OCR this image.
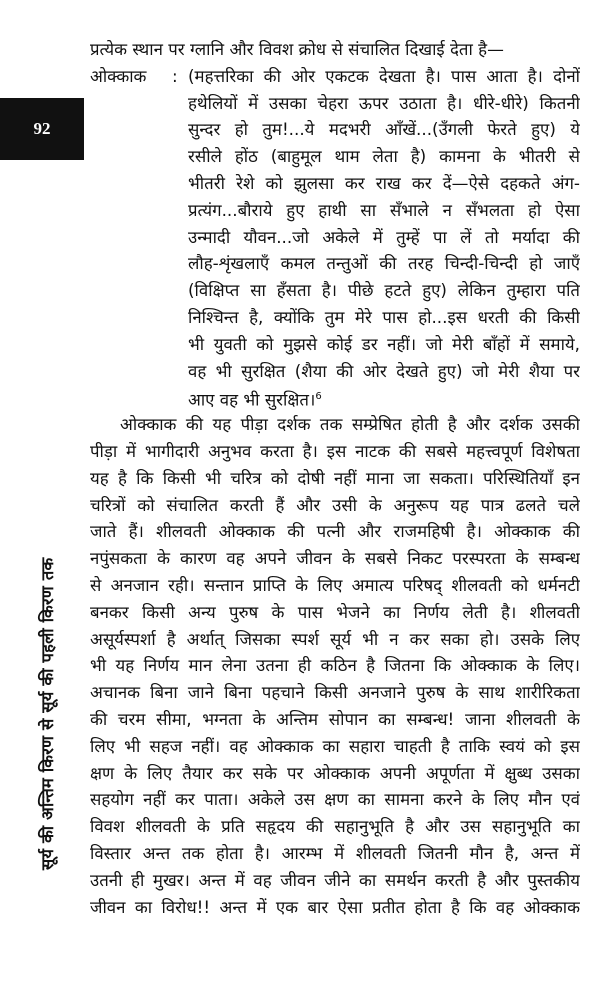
92
सूर्य की अन्तिम किरण से सूर्य की पहली किरण तक
प्रत्येक स्थान पर ग्लानि और विवश क्रोध से संचालित दिखाई देता है—
ओक्काक	: (महत्तरिका की ओर एकटक देखता है। पास आता है। दोनों
हथेलियों में उसका चेहरा ऊपर उठाता है। धीरे-धीरे) कितनी
सुन्दर हो तुम!...ये मदभरी आँखें...(उँगली फेरते हुए) ये
रसीले होंठ (बाहुमूल थाम लेता है) कामना के भीतरी से
भीतरी रेशे को झुलसा कर राख कर दें—ऐसे दहकते अंग-
प्रत्यंग...बौराये हुए हाथी सा सँभाले न सँभलता हो ऐसा
उन्मादी यौवन...जो अकेले में तुम्हें पा लें तो मर्यादा की
लौह-शृंखलाएँ कमल तन्तुओं की तरह चिन्दी-चिन्दी हो जाएँ
(विक्षिप्त सा हँसता है। पीछे हटते हुए) लेकिन तुम्हारा पति
निश्चिन्त है, क्योंकि तुम मेरे पास हो...इस धरती की किसी
भी युवती को मुझसे कोई डर नहीं। जो मेरी बाँहों में समाये,
वह भी सुरक्षित (शैया की ओर देखते हुए) जो मेरी शैया पर
आए वह भी सुरक्षित।$^6$
ओक्काक की यह पीड़ा दर्शक तक सम्प्रेषित होती है और दर्शक उसकी
पीड़ा में भागीदारी अनुभव करता है। इस नाटक की सबसे महत्त्वपूर्ण विशेषता
यह है कि किसी भी चरित्र को दोषी नहीं माना जा सकता। परिस्थितियाँ इन
चरित्रों को संचालित करती हैं और उसी के अनुरूप यह पात्र ढलते चले
जाते हैं। शीलवती ओक्काक की पत्नी और राजमहिषी है। ओक्काक की
नपुंसकता के कारण वह अपने जीवन के सबसे निकट परस्परता के सम्बन्ध
से अनजान रही। सन्तान प्राप्ति के लिए अमात्य परिषद् शीलवती को धर्मनटी
बनकर किसी अन्य पुरुष के पास भेजने का निर्णय लेती है। शीलवती
असूर्यस्पर्शा है अर्थात् जिसका स्पर्श सूर्य भी न कर सका हो। उसके लिए
भी यह निर्णय मान लेना उतना ही कठिन है जितना कि ओक्काक के लिए।
अचानक बिना जाने बिना पहचाने किसी अनजाने पुरुष के साथ शारीरिकता
की चरम सीमा, भग्नता के अन्तिम सोपान का सम्बन्ध! जाना शीलवती के
लिए भी सहज नहीं। वह ओक्काक का सहारा चाहती है ताकि स्वयं को इस
क्षण के लिए तैयार कर सके पर ओक्काक अपनी अपूर्णता में क्षुब्ध उसका
सहयोग नहीं कर पाता। अकेले उस क्षण का सामना करने के लिए मौन एवं
विवश शीलवती के प्रति सहृदय की सहानुभूति है और उस सहानुभूति का
विस्तार अन्त तक होता है। आरम्भ में शीलवती जितनी मौन है, अन्त में
उतनी ही मुखर। अन्त में वह जीवन जीने का समर्थन करती है और पुस्तकीय
जीवन का विरोध!! अन्त में एक बार ऐसा प्रतीत होता है कि वह ओक्काक
